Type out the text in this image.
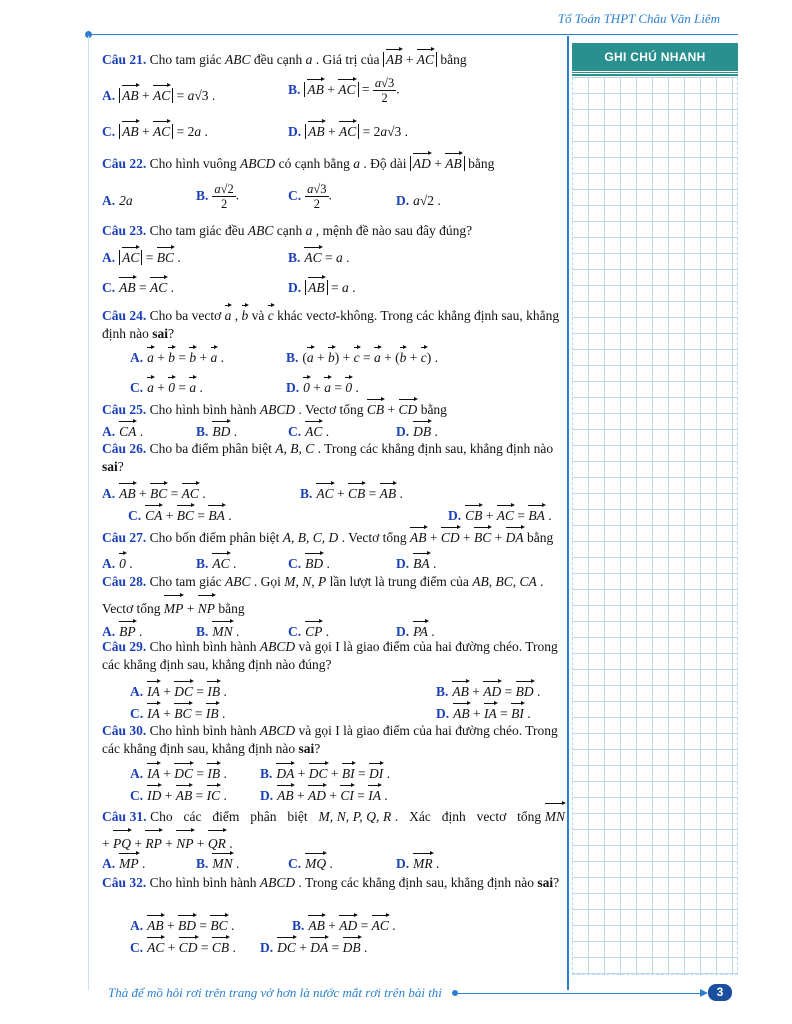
Tổ Toán THPT Châu Văn Liêm
GHI CHÚ NHANH
Câu 21. Cho tam giác ABC đều cạnh a . Giá trị của AB + AC bằng
A. AB + AC = a√3 .	B. AB + AC = $\frac{a√3}{2}$ .
C. AB + AC = 2a .	D. AB + AC = 2a√3 .
Câu 22. Cho hình vuông ABCD có cạnh bằng a . Độ dài AD + AB bằng
A. 2a	B. $\frac{a√2}{2}$ .	C. $\frac{a√3}{2}$ .	D. a√2 .
Câu 23. Cho tam giác đều ABC cạnh a , mệnh đề nào sau đây đúng?
A. AC = BC .	B. AC = a .
C. AB = AC .	D. AB = a .
Câu 24. Cho ba vectơ a , b và c khác vectơ-không. Trong các khẳng định sau, khẳng định nào sai?
A. a + b = b + a .	B. (a + b) + c = a + (b + c) .
C. a + 0 = a .	D. 0 + a = 0 .
Câu 25. Cho hình bình hành ABCD . Vectơ tổng CB + CD bằng
A. CA .	B. BD .	C. AC .	D. DB .
Câu 26. Cho ba điểm phân biệt A, B, C . Trong các khẳng định sau, khẳng định nào sai?
A. AB + BC = AC .	B. AC + CB = AB .
C. CA + BC = BA .	D. CB + AC = BA .
Câu 27. Cho bốn điểm phân biệt A, B, C, D . Vectơ tổng AB + CD + BC + DA bằng
A. 0 .	B. AC .	C. BD .	D. BA .
Câu 28. Cho tam giác ABC . Gọi M, N, P lần lượt là trung điểm của AB, BC, CA . Vectơ tổng MP + NP bằng
A. BP .	B. MN .	C. CP .	D. PA .
Câu 29. Cho hình bình hành ABCD và gọi I là giao điểm của hai đường chéo. Trong các khẳng định sau, khẳng định nào đúng?
A. IA + DC = IB .	B. AB + AD = BD .
C. IA + BC = IB .	D. AB + IA = BI .
Câu 30. Cho hình bình hành ABCD và gọi I là giao điểm của hai đường chéo. Trong các khẳng định sau, khẳng định nào sai?
A. IA + DC = IB . B. DA + DC + BI = DI .
C. ID + AB = IC . D. AB + AD + CI = IA .
Câu 31. Cho   các   điểm   phân   biệt   M, N, P, Q, R .   Xác   định   vectơ   tổng MN + PQ + RP + NP + QR .
A. MP .	B. MN .	C. MQ .	D. MR .
Câu 32. Cho hình bình hành ABCD . Trong các khẳng định sau, khẳng định nào sai?
A. AB + BD = BC .	B. AB + AD = AC .
C. AC + CD = CB . D. DC + DA = DB .
Thà để mồ hôi rơi trên trang vở hơn là nước mắt rơi trên bài thi	3
